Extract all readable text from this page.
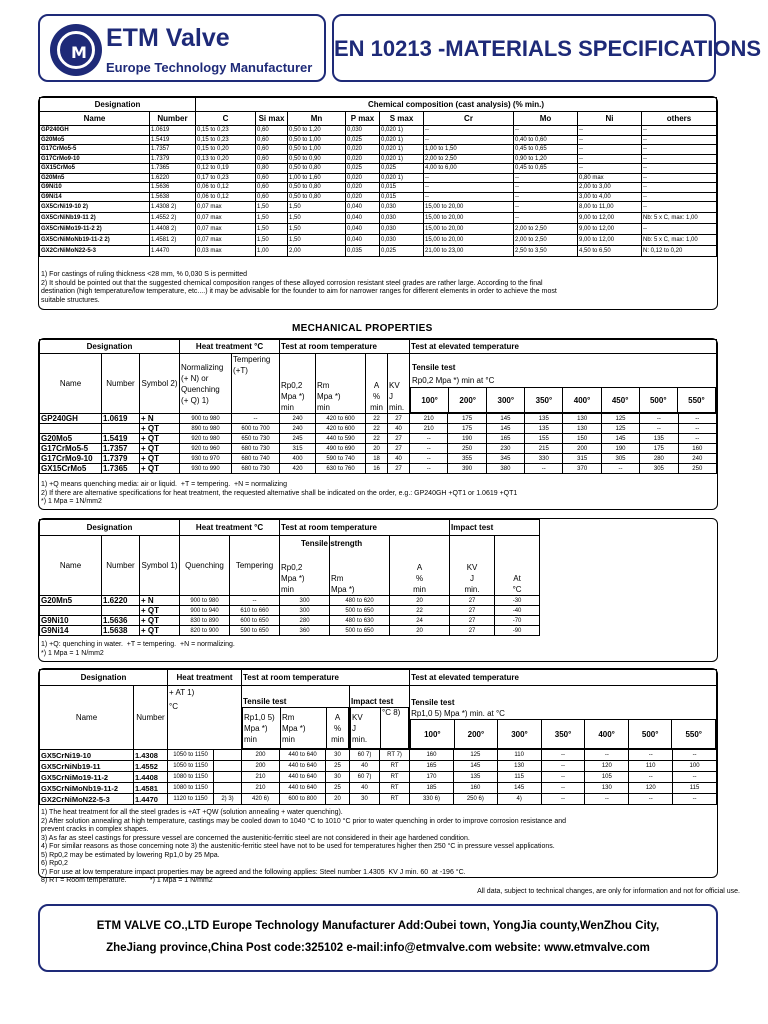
M
ETM Valve
Europe Technology Manufacturer
EN 10213 -MATERIALS SPECIFICATIONS
Designation		Chemical composition (cast analysis) (% min.)								
Name	Number	C	Si max	Mn	P max	S max	Cr	Mo	Ni	others
GP240GH	1.0619	0,15 to 0,23	0,60	0,50 to 1,20	0,030	0,020 1)	--	--	--	--
G20Mo5	1.5419	0,15 to 0,23	0,60	0,50 to 1,00	0,025	0,020 1)	--	0,40 to 0,60	--	--
G17CrMo5-5	1.7357	0,15 to 0,20	0,60	0,50 to 1,00	0,020	0,020 1)	1,00 to 1,50	0,45 to 0,65	--	--
G17CrMo9-10	1.7379	0,13 to 0,20	0,60	0,50 to 0,90	0,020	0,020 1)	2,00 to 2,50	0,90 to 1,20	--	--
GX15CrMo5	1.7365	0,12 to 0,19	0,80	0,50 to 0,80	0,025	0,025	4,00 to 6,00	0,45 to 0,65	--	--
G20Mn5	1.6220	0,17 to 0,23	0,60	1,00 to 1,60	0,020	0,020 1)	--	--	0,80 max	--
G9Ni10	1.5636	0,06 to 0,12	0,60	0,50 to 0,80	0,020	0,015	--	--	2,00 to 3,00	--
G9Ni14	1.5638	0,06 to 0,12	0,60	0,50 to 0,80	0,020	0,015	--	--	3,00 to 4,00	--
GX5CrNi19-10 2)	1.4308 2)	0,07 max	1,50	1,50	0,040	0,030	15,00 to 20,00	--	8,00 to 11,00	--
GX5CrNiNb19-11 2)	1.4552 2)	0,07 max	1,50	1,50	0,040	0,030	15,00 to 20,00	--	9,00 to 12,00	Nb: 5 x C, max: 1,00
GX5CrNiMo19-11-2 2)	1.4408 2)	0,07 max	1,50	1,50	0,040	0,030	15,00 to 20,00	2,00 to 2,50	9,00 to 12,00	--
GX5CrNiMoNb19-11-2 2)	1.4581 2)	0,07 max	1,50	1,50	0,040	0,030	15,00 to 20,00	2,00 to 2,50	9,00 to 12,00	Nb: 5 x C, max: 1,00
GX2CrNiMoN22-5-3	1.4470	0,03 max	1,00	2,00	0,035	0,025	21,00 to 23,00	2,50 to 3,50	4,50 to 6,50	N: 0,12 to 0,20
1) For castings of ruling thickness <28 mm, % 0,030 S is permitted
2) It should be pointed out that the suggested chemical composition ranges of these alloyed corrosion resistant steel grades are rather large. According to the final
destination (high temperature/low temperature, etc....) it may be advisable for the founder to aim for narrower ranges for different elements in order to achieve the most
suitable structures.
MECHANICAL PROPERTIES
Designation	Heat treatment °C	Test at room temperature	Test at elevated temperature
Name	Number	Symbol 2)	Normalizing
(+ N) or
Quenching
(+ Q) 1)	Tempering
(+T)	Rp0,2
Mpa *)
min	Rm
Mpa *)
min	A
%
min	KV
J
min.	
Tensile test
Rp0,2 Mpa *) min at °C
100°	200°	300°	350°	400°	450°	500°	550°

GP240GH	1.0619	+ N	900 to 980	--	240	420 to 600	22	27	210	175	145	135	130	125	--	--
		+ QT	890 to 980	600 to 700	240	420 to 600	22	40	210	175	145	135	130	125	--	--
G20Mo5	1.5419	+ QT	920 to 980	650 to 730	245	440 to 590	22	27	--	190	165	155	150	145	135	--
G17CrMo5-5	1.7357	+ QT	920 to 960	680 to 730	315	490 to 690	20	27	--	250	230	215	200	190	175	160
G17CrMo9-10	1.7379	+ QT	930 to 970	680 to 740	400	590 to 740	18	40	--	355	345	330	315	305	280	240
GX15CrMo5	1.7365	+ QT	930 to 990	680 to 730	420	630 to 760	16	27	--	390	380	--	370	--	305	250
1) +Q means quenching media: air or liquid.  +T = tempering.  +N = normalizing
2) If there are alternative specifications for heat treatment, the requested alternative shall be indicated on the order, e.g.: GP240GH +QT1 or 1.0619 +QT1
*) 1 Mpa = 1N/mm2
Designation			Heat treatment °C		Test at room temperature			Impact test	
Name	Number	Symbol 1)	Quenching	Tempering	Rp0,2
Mpa *)
min	Rm
Mpa *)	A
%
min	KV
J
min.	At
°C
G20Mn5	1.6220	+ N	900 to 980	--	300	480 to 620	20	27	-30
		+ QT	900 to 940	610 to 660	300	500 to 650	22	27	-40
G9Ni10	1.5636	+ QT	830 to 890	600 to 650	280	480 to 630	24	27	-70
G9Ni14	1.5638	+ QT	820 to 900	590 to 650	360	500 to 650	20	27	-90
Tensile strength
1) +Q: quenching in water.  +T = tempering.  +N = normalizing.
*) 1 Mpa = 1 N/mm2
Designation	Heat treatment	Test at room temperature	Test at elevated temperature
Name	Number	+ AT 1)
°C	
Tensile test
Rp1,0 5)
Mpa *)
min	Rm
Mpa *)
min	A
%
min

Impact test
KV
J
min.	°C 8)

Tensile test
Rp1,0 5) Mpa *) min. at °C
100°	200°	300°	350°	400°	500°	550°

GX5CrNi19-10	1.4308	1050 to 1150		200	440 to 640	30	60 7)	RT 7)	160	125	110	--	--	--	--
GX5CrNiNb19-11	1.4552	1050 to 1150		200	440 to 640	25	40	RT	165	145	130	--	120	110	100
GX5CrNiMo19-11-2	1.4408	1080 to 1150		210	440 to 640	30	60 7)	RT	170	135	115	--	105	--	--
GX5CrNiMoNb19-11-2	1.4581	1080 to 1150		210	440 to 640	25	40	RT	185	160	145	--	130	120	115
GX2CrNiMoN22-5-3	1.4470	1120 to 1150	2) 3)	420 6)	600 to 800	20	30	RT	330 6)	250 6)	4)	--	--	--	--
1) The heat treatment for all the steel grades is +AT +QW (solution annealing + water quenching).
2) After solution annealing at high temperature, castings may be cooled down to 1040 °C to 1010 °C prior to water quenching in order to improve corrosion resistance and
prevent cracks in complex shapes.
3) As far as steel castings for pressure vessel are concerned the austenitic-ferritic steel are not considered in their age hardened condition.
4) For similar reasons as those concerning note 3) the austenitic-ferritic steel have not to be used for temperatures higher then 250 °C in pressure vessel applications.
5) Rp0,2 may be estimated by lowering Rp1,0 by 25 Mpa.
6) Rp0,2
7) For use at low temperature impact properties may be agreed and the following applies: Steel number 1.4305  KV J min. 60  at -196 °C.
8) RT = Room temperature.            *) 1 Mpa = 1 N/mm2
All data, subject to technical changes, are only for information and not for official use.
ETM VALVE CO.,LTD Europe Technology Manufacturer Add:Oubei town, YongJia county,WenZhou City,
ZheJiang province,China Post code:325102 e-mail:info@etmvalve.com website: www.etmvalve.com
